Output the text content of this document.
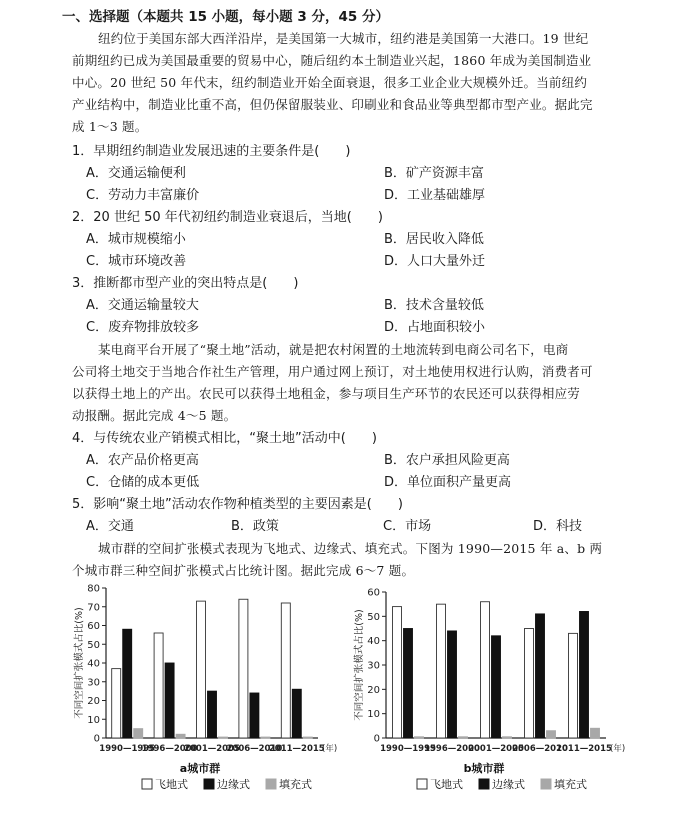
一、选择题（本题共 15 小题，每小题 3 分，45 分）
纽约位于美国东部大西洋沿岸，是美国第一大城市，纽约港是美国第一大港口。19 世纪
前期纽约已成为美国最重要的贸易中心，随后纽约本土制造业兴起，1860 年成为美国制造业
中心。20 世纪 50 年代末，纽约制造业开始全面衰退，很多工业企业大规模外迁。当前纽约
产业结构中，制造业比重不高，但仍保留服装业、印刷业和食品业等典型都市型产业。据此完
成 1～3 题。
1．早期纽约制造业发展迅速的主要条件是(　　)
A．交通运输便利	B．矿产资源丰富
C．劳动力丰富廉价	D．工业基础雄厚
2．20 世纪 50 年代初纽约制造业衰退后，当地(　　)
A．城市规模缩小	B．居民收入降低
C．城市环境改善	D．人口大量外迁
3．推断都市型产业的突出特点是(　　)
A．交通运输量较大	B．技术含量较低
C．废弃物排放较多	D．占地面积较小
某电商平台开展了“聚土地”活动，就是把农村闲置的土地流转到电商公司名下，电商
公司将土地交于当地合作社生产管理，用户通过网上预订，对土地使用权进行认购，消费者可
以获得土地上的产出。农民可以获得土地租金，参与项目生产环节的农民还可以获得相应劳
动报酬。据此完成 4～5 题。
4．与传统农业产销模式相比，“聚土地”活动中(　　)
A．农产品价格更高	B．农户承担风险更高
C．仓储的成本更低	D．单位面积产量更高
5．影响“聚土地”活动农作物种植类型的主要因素是(　　)
A．交通	B．政策	C．市场	D．科技
城市群的空间扩张模式表现为飞地式、边缘式、填充式。下图为 1990—2015 年 a、b 两
个城市群三种空间扩张模式占比统计图。据此完成 6～7 题。
0
10
20
30
40
50
60
70
80
不同空间扩张模式占比(%)
1990—1995
1996—2000
2001—2005
2006—2010
2011—2015
(年)
a城市群
飞地式	边缘式	填充式
0
10
20
30
40
50
60
不同空间扩张模式占比(%)
1990—1995
1996—2000
2001—2005
2006—2010
2011—2015
(年)
b城市群
飞地式	边缘式	填充式
